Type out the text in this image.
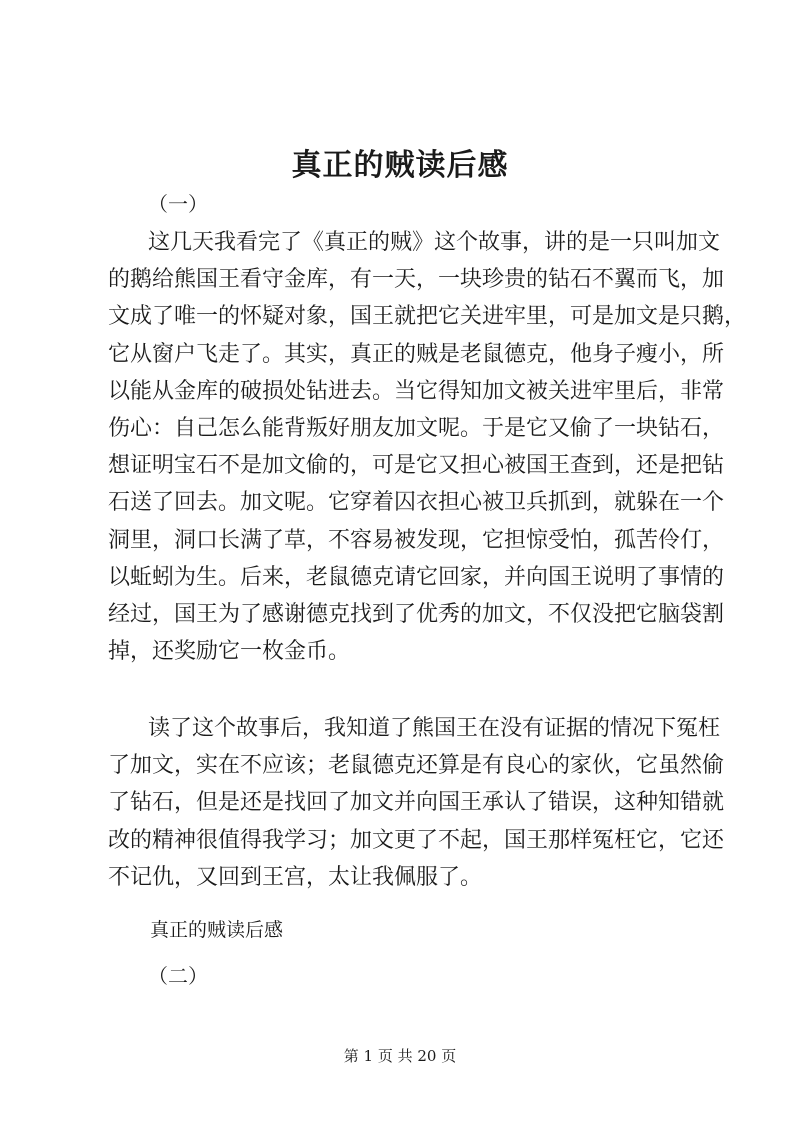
真正的贼读后感
（一）
这几天我看完了《真正的贼》这个故事，讲的是一只叫加文
的鹅给熊国王看守金库，有一天，一块珍贵的钻石不翼而飞，加
文成了唯一的怀疑对象，国王就把它关进牢里，可是加文是只鹅，
它从窗户飞走了。其实，真正的贼是老鼠德克，他身子瘦小，所
以能从金库的破损处钻进去。当它得知加文被关进牢里后，非常
伤心：自己怎么能背叛好朋友加文呢。于是它又偷了一块钻石，
想证明宝石不是加文偷的，可是它又担心被国王查到，还是把钻
石送了回去。加文呢。它穿着囚衣担心被卫兵抓到，就躲在一个
洞里，洞口长满了草，不容易被发现，它担惊受怕，孤苦伶仃，
以蚯蚓为生。后来，老鼠德克请它回家，并向国王说明了事情的
经过，国王为了感谢德克找到了优秀的加文，不仅没把它脑袋割
掉，还奖励它一枚金币。
读了这个故事后，我知道了熊国王在没有证据的情况下冤枉
了加文，实在不应该；老鼠德克还算是有良心的家伙，它虽然偷
了钻石，但是还是找回了加文并向国王承认了错误，这种知错就
改的精神很值得我学习；加文更了不起，国王那样冤枉它，它还
不记仇，又回到王宫，太让我佩服了。
真正的贼读后感
（二）
第 1 页 共 20 页
